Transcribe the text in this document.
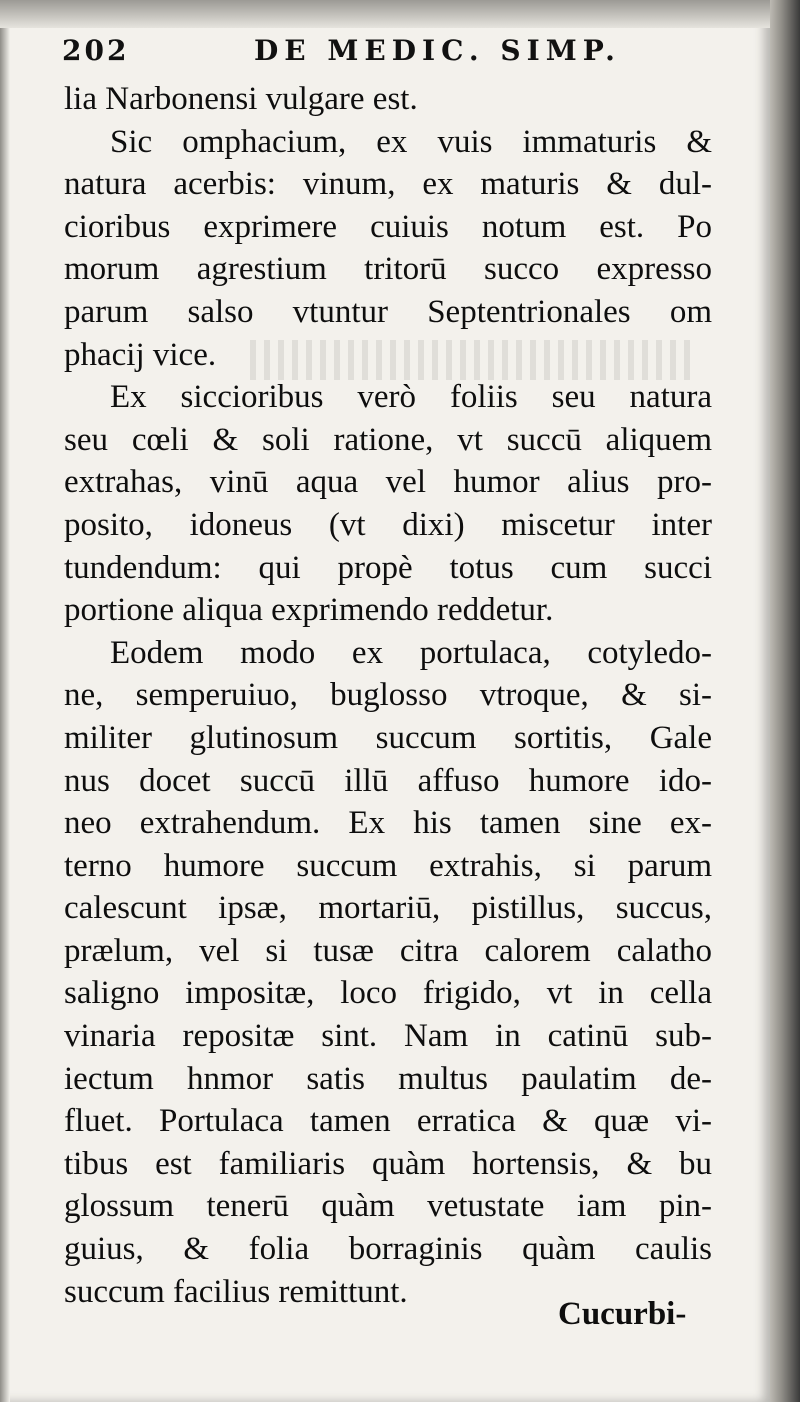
202	DE MEDIC. SIMP.
lia Narbonensi vulgare est.
Sic omphacium, ex vuis immaturis &
natura acerbis: vinum, ex maturis & dul-
cioribus exprimere cuiuis notum est. Po
morum agrestium tritorū succo expresso
parum salso vtuntur Septentrionales om
phacij vice.
Ex siccioribus verò foliis seu natura
seu cœli & soli ratione, vt succū aliquem
extrahas, vinū aqua vel humor alius pro-
posito, idoneus (vt dixi) miscetur inter
tundendum: qui propè totus cum succi
portione aliqua exprimendo reddetur.
Eodem modo ex portulaca, cotyledo-
ne, semperuiuo, buglosso vtroque, & si-
militer glutinosum succum sortitis, Gale
nus docet succū illū affuso humore ido-
neo extrahendum. Ex his tamen sine ex-
terno humore succum extrahis, si parum
calescunt ipsæ, mortariū, pistillus, succus,
prælum, vel si tusæ citra calorem calatho
saligno impositæ, loco frigido, vt in cella
vinaria repositæ sint. Nam in catinū sub-
iectum hnmor satis multus paulatim de-
fluet. Portulaca tamen erratica & quæ vi-
tibus est familiaris quàm hortensis, & bu
glossum tenerū quàm vetustate iam pin-
guius, & folia borraginis quàm caulis
succum facilius remittunt.
Cucurbi-
